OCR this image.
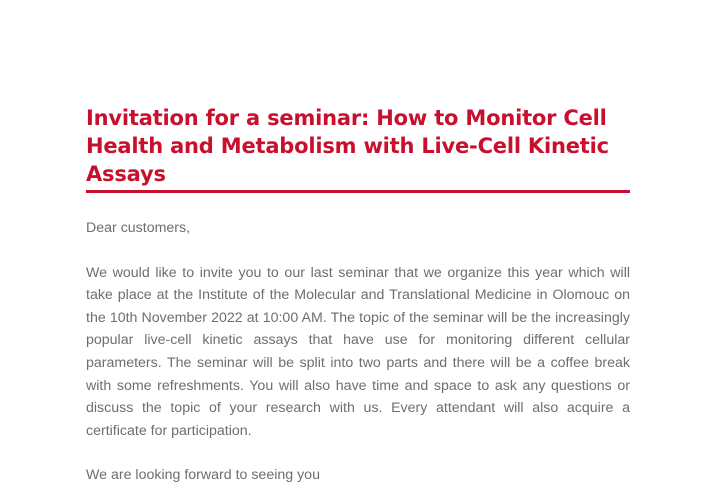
Invitation for a seminar: How to Monitor Cell Health and Metabolism with Live-Cell Kinetic Assays

Dear customers,

We would like to invite you to our last seminar that we organize this year which will take place at the Institute of the Molecular and Translational Medicine in Olomouc on the 10th November 2022 at 10:00 AM. The topic of the seminar will be the increasingly popular live-cell kinetic assays that have use for monitoring different cellular parameters. The seminar will be split into two parts and there will be a coffee break with some refreshments. You will also have time and space to ask any questions or discuss the topic of your research with us. Every attendant will also acquire a certificate for participation.

We are looking forward to seeing you
